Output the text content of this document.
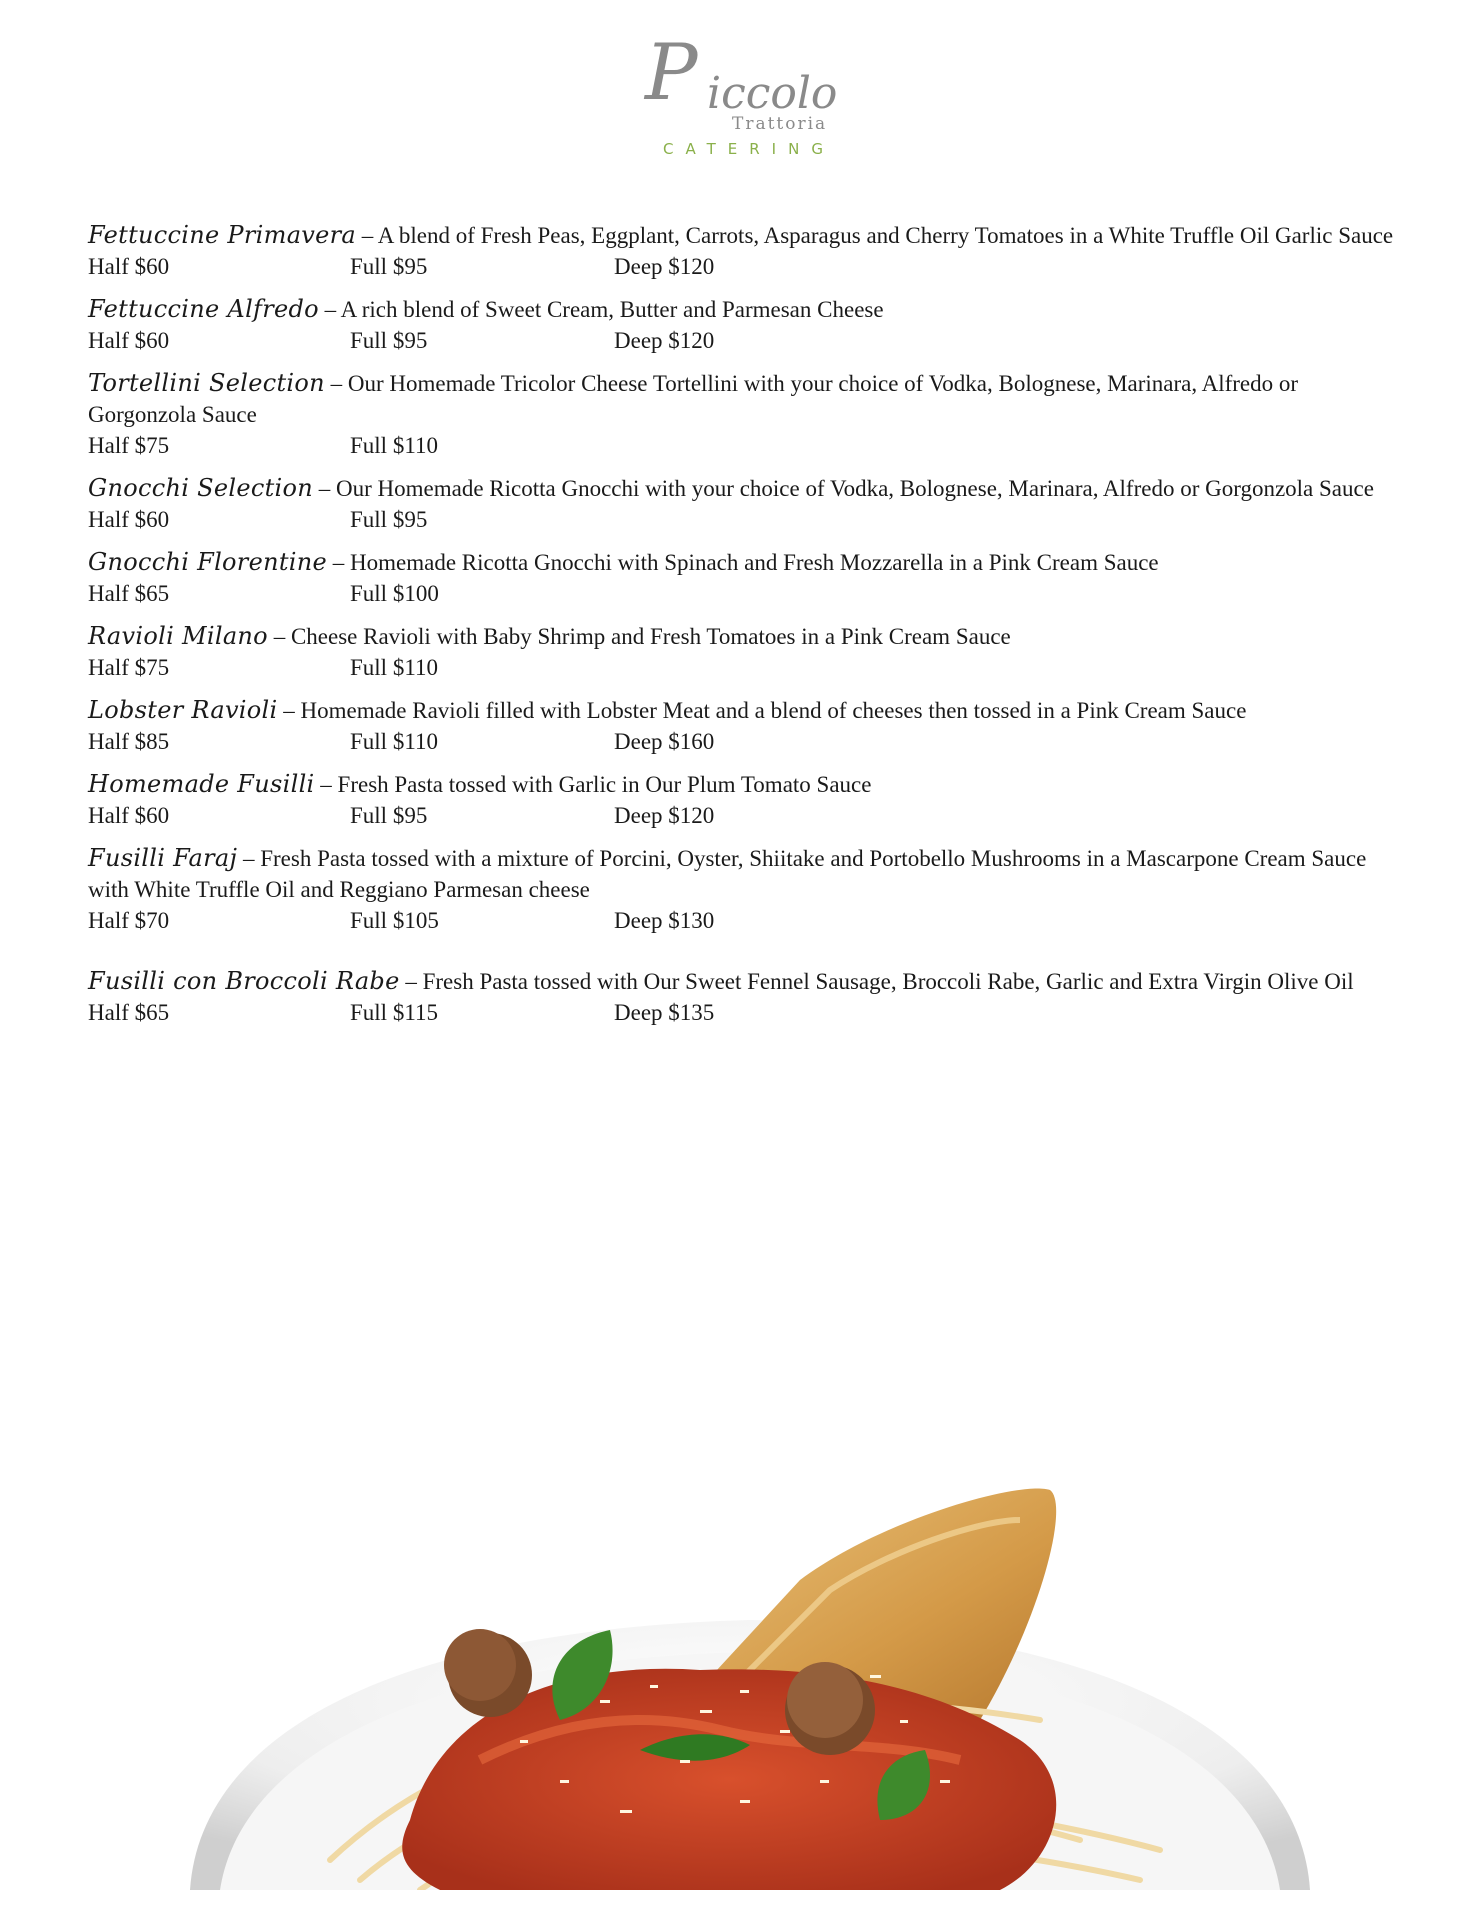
P iccolo
Trattoria
CATERING
Fettuccine Primavera – A blend of Fresh Peas, Eggplant, Carrots, Asparagus and Cherry Tomatoes in a White Truffle Oil Garlic Sauce
Half $60	Full $95	Deep $120
Fettuccine Alfredo – A rich blend of Sweet Cream, Butter and Parmesan Cheese
Half $60	Full $95	Deep $120
Tortellini Selection – Our Homemade Tricolor Cheese Tortellini with your choice of Vodka, Bolognese, Marinara, Alfredo or Gorgonzola Sauce
Half $75	Full $110
Gnocchi Selection – Our Homemade Ricotta Gnocchi with your choice of Vodka, Bolognese, Marinara, Alfredo or Gorgonzola Sauce
Half $60	Full $95
Gnocchi Florentine – Homemade Ricotta Gnocchi with Spinach and Fresh Mozzarella in a Pink Cream Sauce
Half $65	Full $100
Ravioli Milano – Cheese Ravioli with Baby Shrimp and Fresh Tomatoes in a Pink Cream Sauce
Half $75	Full $110
Lobster Ravioli – Homemade Ravioli filled with Lobster Meat and a blend of cheeses then tossed in a Pink Cream Sauce
Half $85	Full $110	Deep $160
Homemade Fusilli – Fresh Pasta tossed with Garlic in Our Plum Tomato Sauce
Half $60	Full $95	Deep $120
Fusilli Faraj – Fresh Pasta tossed with a mixture of Porcini, Oyster, Shiitake and Portobello Mushrooms in a Mascarpone Cream Sauce with White Truffle Oil and Reggiano Parmesan cheese
Half $70	Full $105	Deep $130
Fusilli con Broccoli Rabe – Fresh Pasta tossed with Our Sweet Fennel Sausage, Broccoli Rabe, Garlic and Extra Virgin Olive Oil
Half $65	Full $115	Deep $135
